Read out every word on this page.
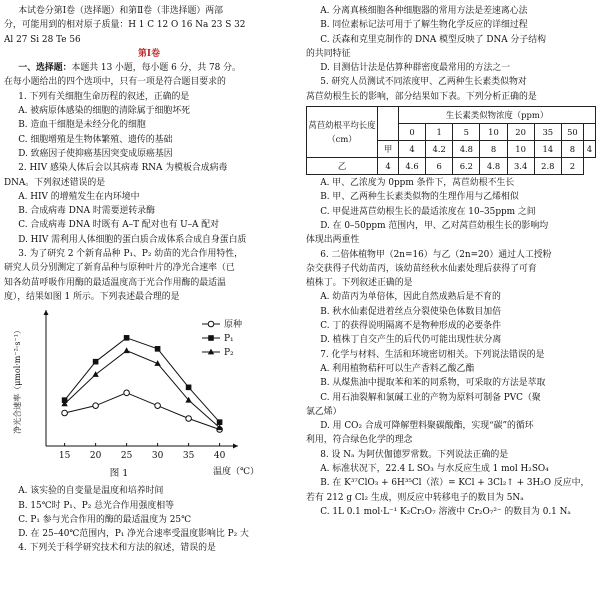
本试卷分第Ⅰ卷（选择题）和第Ⅱ卷（非选择题）两部

分，可能用到的相对原子质量：H 1 C 12 O 16 Na 23 S 32

Al 27 Si 28 Te 56

第Ⅰ卷

一、选择题：本题共 13 小题，每小题 6 分，共 78 分。

在每小题给出的四个选项中，只有一项是符合题目要求的

1. 下列有关细胞生命历程的叙述，正确的是

A. 被病原体感染的细胞的清除属于细胞坏死

B. 造血干细胞是未经分化的细胞

C. 细胞增殖是生物体繁殖、遗传的基础

D. 致癌因子使抑癌基因突变成原癌基因

2. HIV 感染人体后会以其病毒 RNA 为模板合成病毒

DNA。下列叙述错误的是

A. HIV 的增殖发生在内环境中

B. 合成病毒 DNA 时需要逆转录酶

C. 合成病毒 DNA 时既有 A–T 配对也有 U–A 配对

D. HIV 需利用人体细胞的蛋白质合成体系合成自身蛋白质

3. 为了研究 2 个新育品种 P₁、P₂ 幼苗的光合作用特性，

研究人员分别测定了新育品种与原种叶片的净光合速率（已

知各幼苗呼吸作用酶的最适温度高于光合作用酶的最适温

度），结果如图 1 所示。下列表述最合理的是

15 20 25 30 35 40
温度（℃）
图 1
净光合速率（μmol·m⁻²·s⁻¹）
原种
P₁
P₂

A. 该实验的自变量是温度和培养时间

B. 15℃时 P₁、P₂ 总光合作用强度相等

C. P₁ 参与光合作用的酶的最适温度为 25℃

D. 在 25–40℃范围内，P₁ 净光合速率受温度影响比 P₂ 大

4. 下列关于科学研究技术和方法的叙述，错误的是

A. 分离真核细胞各种细胞器的常用方法是差速离心法

B. 同位素标记法可用于了解生物化学反应的详细过程

C. 沃森和克里克制作的 DNA 模型反映了 DNA 分子结构

的共同特征

D. 目测估计法是估算种群密度最常用的方法之一

5. 研究人员测试不同浓度甲、乙两种生长素类似物对

莴苣幼根生长的影响，部分结果如下表。下列分析正确的是

莴苣幼根平均长度（cm）		生长素类似物浓度（ppm）							
		0	1	5	10	20	35	50	
	甲	4	4.2	4.8	8	10	14	8	4
乙	4	4.6	6	6.2	4.8	3.4	2.8	2	

A. 甲、乙浓度为 0ppm 条件下，莴苣幼根不生长

B. 甲、乙两种生长素类似物的生理作用与乙烯相似

C. 甲促进莴苣幼根生长的最适浓度在 10–35ppm 之间

D. 在 0–50ppm 范围内，甲、乙对莴苣幼根生长的影响均

体现出两重性

6. 二倍体植物甲（2n=16）与乙（2n=20）通过人工授粉

杂交获得子代幼苗丙，该幼苗经秋水仙素处理后获得了可育

植株丁。下列叙述正确的是

A. 幼苗丙为单倍体，因此自然成熟后是不育的

B. 秋水仙素促进着丝点分裂使染色体数目加倍

C. 丁的获得说明隔离不是物种形成的必要条件

D. 植株丁自交产生的后代仍可能出现性状分离

7. 化学与材料、生活和环境密切相关。下列说法错误的是

A. 利用植物秸秆可以生产香料乙酸乙酯

B. 从煤焦油中提取苯和苯的同系物，可采取的方法是萃取

C. 用石油裂解和氯碱工业的产物为原料可制备 PVC（聚

氯乙烯）

D. 用 CO₂ 合成可降解塑料聚碳酸酯，实现“碳”的循环

利用，符合绿色化学的理念

8. 设 Nₐ 为阿伏伽德罗常数。下列说法正确的是

A. 标准状况下，22.4 L SO₃ 与水反应生成 1 mol H₂SO₄

B. 在 K³⁷ClO₃ + 6H³⁵Cl（浓）= KCl + 3Cl₂↑ + 3H₂O 反应中，

若有 212 g Cl₂ 生成，则反应中转移电子的数目为 5Nₐ

C. 1L 0.1 mol·L⁻¹ K₂Cr₂O₇ 溶液中 Cr₂O₇²⁻ 的数目为 0.1 Nₐ
